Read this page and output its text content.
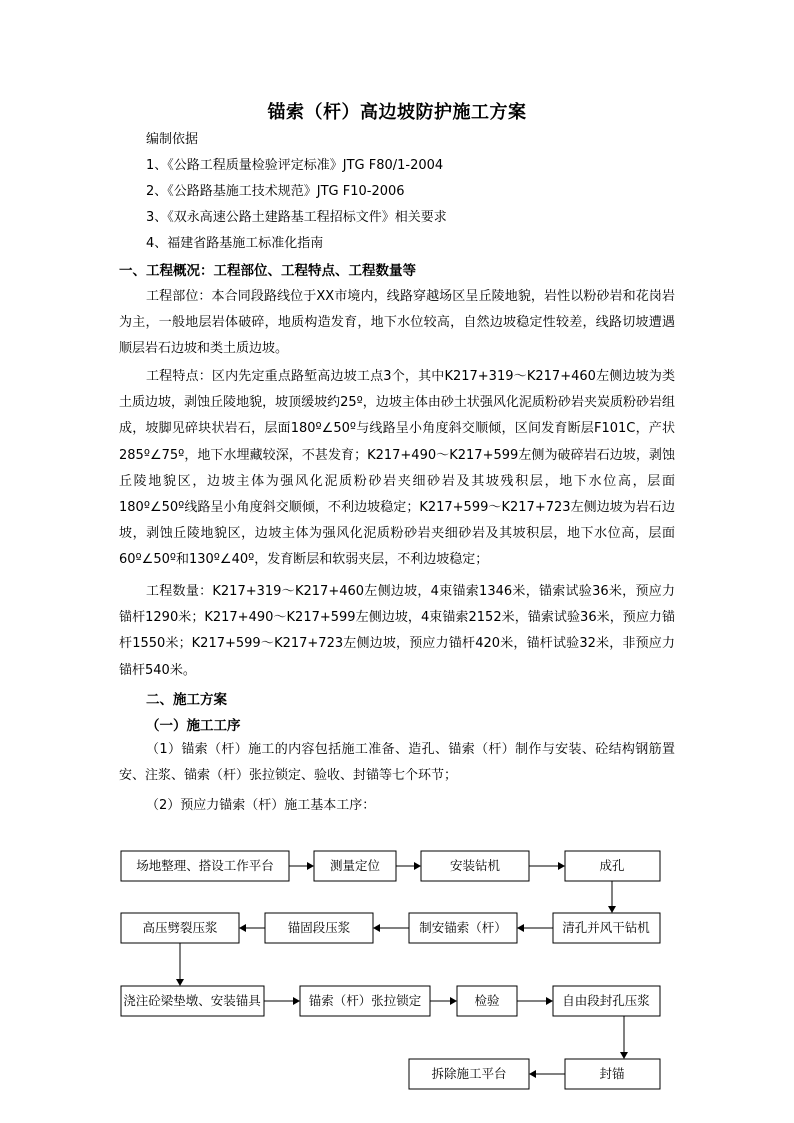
锚索（杆）高边坡防护施工方案
编制依据
1、《公路工程质量检验评定标准》JTG F80/1-2004
2、《公路路基施工技术规范》JTG F10-2006
3、《双永高速公路土建路基工程招标文件》相关要求
4、福建省路基施工标准化指南
一、工程概况：工程部位、工程特点、工程数量等
工程部位：本合同段路线位于XX市境内，线路穿越场区呈丘陵地貌，岩性以粉砂岩和花岗岩为主，一般地层岩体破碎，地质构造发育，地下水位较高，自然边坡稳定性较差，线路切坡遭遇顺层岩石边坡和类土质边坡。
工程特点：区内先定重点路堑高边坡工点3个，其中K217+319～K217+460左侧边坡为类土质边坡，剥蚀丘陵地貌，坡顶缓坡约25º，边坡主体由砂土状强风化泥质粉砂岩夹炭质粉砂岩组成，坡脚见碎块状岩石，层面180º∠50º与线路呈小角度斜交顺倾，区间发育断层F101C，产状285º∠75º，地下水埋藏较深，不甚发育；K217+490～K217+599左侧为破碎岩石边坡，剥蚀丘陵地貌区，边坡主体为强风化泥质粉砂岩夹细砂岩及其坡残积层，地下水位高，层面180º∠50º线路呈小角度斜交顺倾，不利边坡稳定；K217+599～K217+723左侧边坡为岩石边坡，剥蚀丘陵地貌区，边坡主体为强风化泥质粉砂岩夹细砂岩及其坡积层，地下水位高，层面60º∠50º和130º∠40º，发育断层和软弱夹层，不利边坡稳定；
工程数量：K217+319～K217+460左侧边坡，4束锚索1346米，锚索试验36米，预应力锚杆1290米；K217+490～K217+599左侧边坡，4束锚索2152米，锚索试验36米，预应力锚杆1550米；K217+599～K217+723左侧边坡，预应力锚杆420米，锚杆试验32米，非预应力锚杆540米。
二、施工方案
（一）施工工序
（1）锚索（杆）施工的内容包括施工准备、造孔、锚索（杆）制作与安装、砼结构钢筋置安、注浆、锚索（杆）张拉锁定、验收、封锚等七个环节；
（2）预应力锚索（杆）施工基本工序：
场地整理、搭设工作平台	测量定位	安装钻机	成孔
高压劈裂压浆	锚固段压浆	制安锚索（杆）	清孔并风干钻机
浇注砼梁垫墩、安装锚具	锚索（杆）张拉锁定	检验	自由段封孔压浆
拆除施工平台	封锚
